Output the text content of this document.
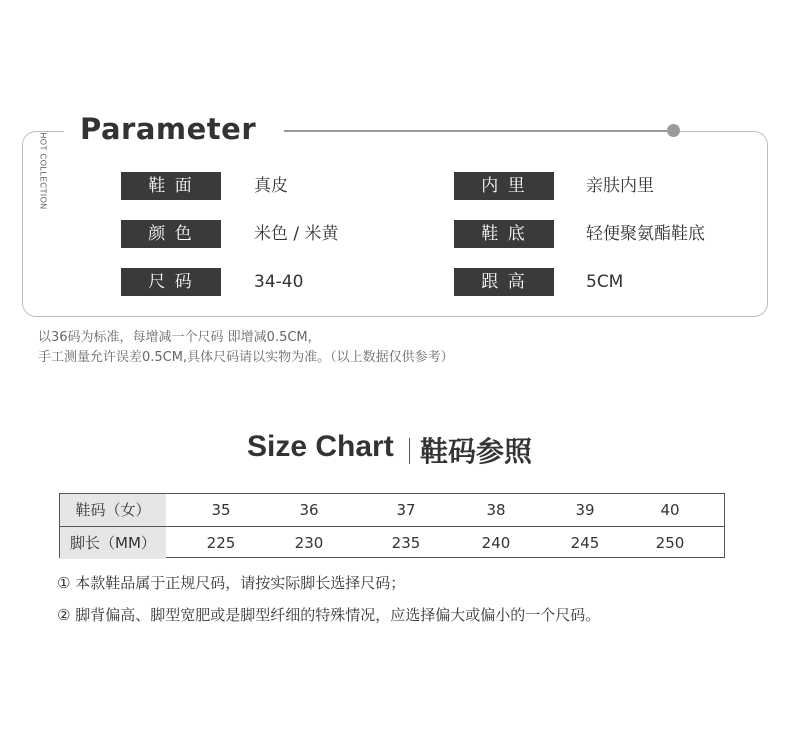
Parameter
HOT COLLECTION	鞋 面	真皮	内 里	亲肤内里
颜 色	米色 / 米黄	鞋 底	轻便聚氨酯鞋底
尺 码	34-40	跟 高	5CM
以36码为标准，每增减一个尺码 即增减0.5CM，
手工测量允许误差0.5CM,具体尺码请以实物为准。（以上数据仅供参考）
Size Chart 鞋码参照
鞋码（女）	35	36	37	38	39	40
脚长（MM）	225	230	235	240	245	250
① 本款鞋品属于正规尺码，请按实际脚长选择尺码；
② 脚背偏高、脚型宽肥或是脚型纤细的特殊情况，应选择偏大或偏小的一个尺码。
